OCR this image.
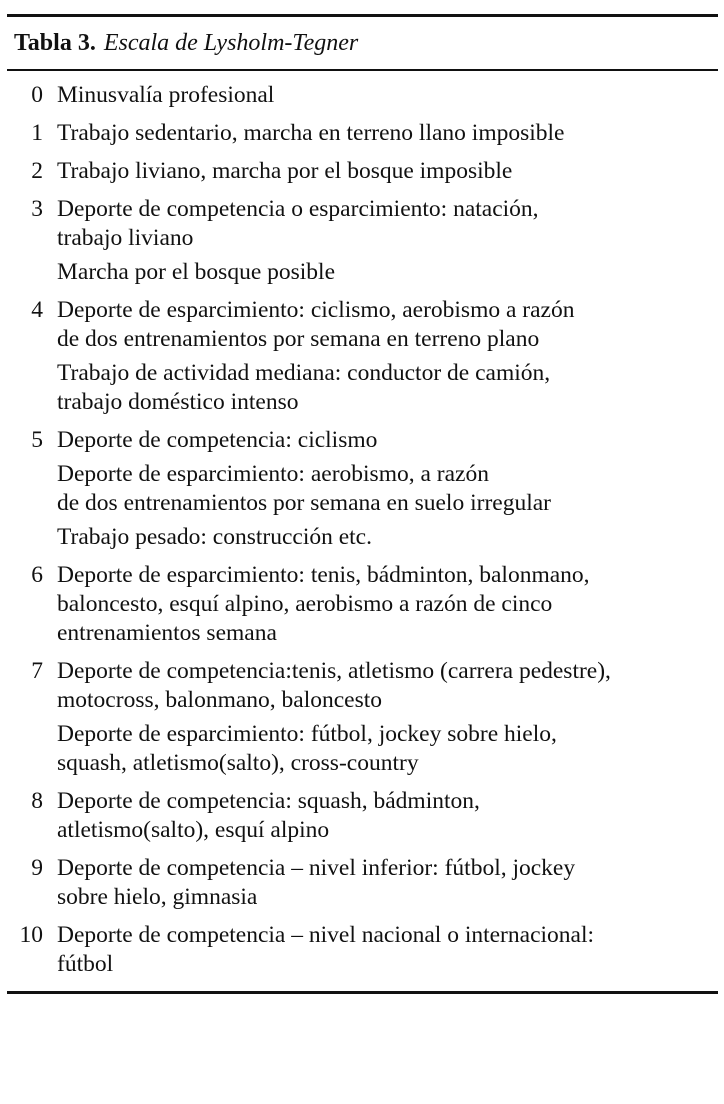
Tabla 3. Escala de Lysholm-Tegner
0 Minusvalía profesional
1 Trabajo sedentario, marcha en terreno llano imposible
2 Trabajo liviano, marcha por el bosque imposible
3 Deporte de competencia o esparcimiento: natación,
trabajo liviano
Marcha por el bosque posible
4 Deporte de esparcimiento: ciclismo, aerobismo a razón
de dos entrenamientos por semana en terreno plano
Trabajo de actividad mediana: conductor de camión,
trabajo doméstico intenso
5 Deporte de competencia: ciclismo
Deporte de esparcimiento: aerobismo, a razón
de dos entrenamientos por semana en suelo irregular
Trabajo pesado: construcción etc.
6 Deporte de esparcimiento: tenis, bádminton, balonmano,
baloncesto, esquí alpino, aerobismo a razón de cinco
entrenamientos semana
7 Deporte de competencia:tenis, atletismo (carrera pedestre),
motocross, balonmano, baloncesto
Deporte de esparcimiento: fútbol, jockey sobre hielo,
squash, atletismo(salto), cross-country
8 Deporte de competencia: squash, bádminton,
atletismo(salto), esquí alpino
9 Deporte de competencia – nivel inferior: fútbol, jockey
sobre hielo, gimnasia
10 Deporte de competencia – nivel nacional o internacional:
fútbol
